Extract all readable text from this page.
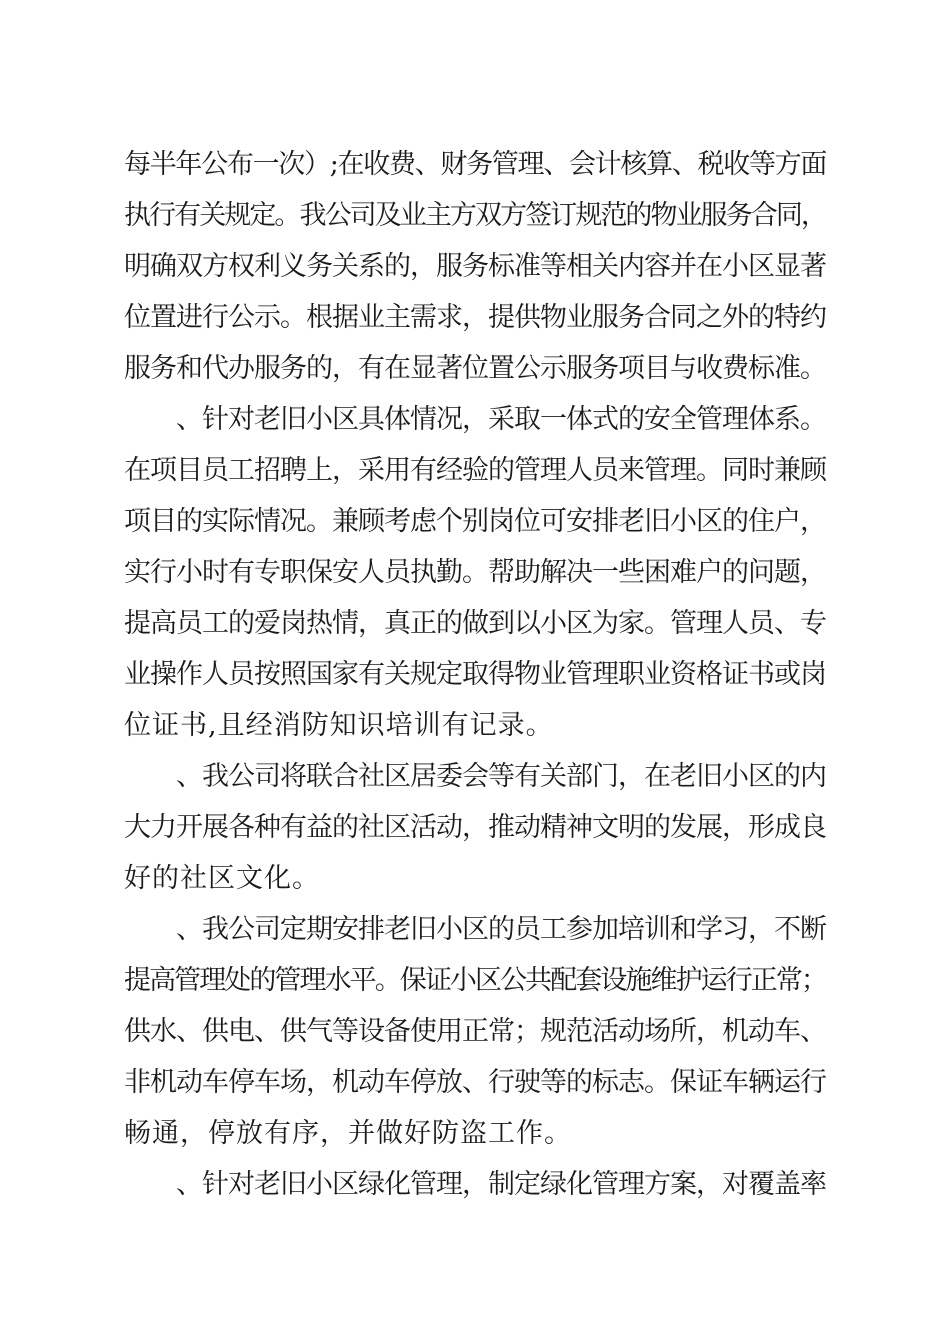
每半年公布一次）;在收费、财务管理、会计核算、税收等方面
执行有关规定。我公司及业主方双方签订规范的物业服务合同，
明确双方权利义务关系的，服务标准等相关内容并在小区显著
位置进行公示。根据业主需求，提供物业服务合同之外的特约
服务和代办服务的，有在显著位置公示服务项目与收费标准。
、针对老旧小区具体情况，采取一体式的安全管理体系。
在项目员工招聘上，采用有经验的管理人员来管理。同时兼顾
项目的实际情况。兼顾考虑个别岗位可安排老旧小区的住户，
实行小时有专职保安人员执勤。帮助解决一些困难户的问题，
提高员工的爱岗热情，真正的做到以小区为家。管理人员、专
业操作人员按照国家有关规定取得物业管理职业资格证书或岗
位证书,且经消防知识培训有记录。
、我公司将联合社区居委会等有关部门，在老旧小区的内
大力开展各种有益的社区活动，推动精神文明的发展，形成良
好的社区文化。
、我公司定期安排老旧小区的员工参加培训和学习，不断
提高管理处的管理水平。保证小区公共配套设施维护运行正常；
供水、供电、供气等设备使用正常；规范活动场所，机动车、
非机动车停车场，机动车停放、行驶等的标志。保证车辆运行
畅通，停放有序，并做好防盗工作。
、针对老旧小区绿化管理，制定绿化管理方案，对覆盖率
